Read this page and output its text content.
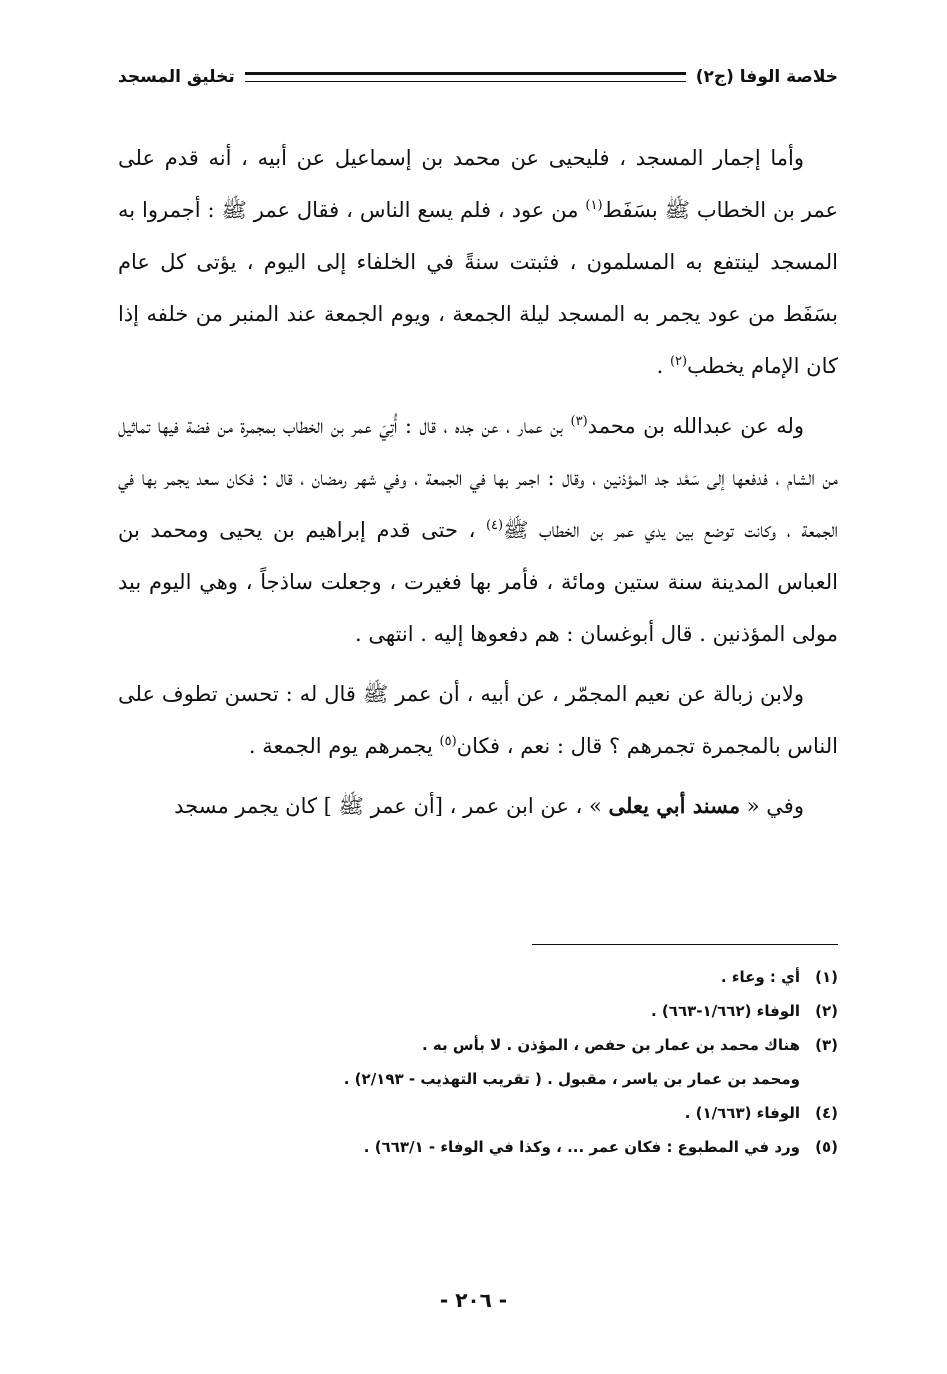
خلاصة الوفا (ج٢)
تخليق المسجد

وأما إجمار المسجد ، فليحيى عن محمد بن إسماعيل عن أبيه ، أنه قدم على عمر بن الخطاب ﷺ بسَفَط$^{(١)}$ من عود ، فلم يسع الناس ، فقال عمر ﷺ : أجمروا به المسجد لينتفع به المسلمون ، فثبتت سنةً في الخلفاء إلى اليوم ، يؤتى كل عام بسَفَط من عود يجمر به المسجد ليلة الجمعة ، ويوم الجمعة عند المنبر من خلفه إذا كان الإمام يخطب$^{(٢)}$ .

وله عن عبدالله بن محمد$^{(٣)}$ بن عمار ، عن جده ، قال : أُتِيَ عمر بن الخطاب بمجمرة من فضة فيها تماثيل من الشام ، فدفعها إلى سَعْد جد المؤذنين ، وقال : اجمر بها في الجمعة ، وفي شهر رمضان ، قال : فكان سعد يجمر بها في الجمعة ، وكانت توضع بين يدي عمر بن الخطاب ﷺ$^{(٤)}$ ، حتى قدم إبراهيم بن يحيى ومحمد بن العباس المدينة سنة ستين ومائة ، فأمر بها فغيرت ، وجعلت ساذجاً ، وهي اليوم بيد مولى المؤذنين . قال أبوغسان : هم دفعوها إليه . انتهى .

ولابن زبالة عن نعيم المجمّر ، عن أبيه ، أن عمر ﷺ قال له : تحسن تطوف على الناس بالمجمرة تجمرهم ؟ قال : نعم ، فكان$^{(٥)}$ يجمرهم يوم الجمعة .

وفي « مسند أبي يعلى » ، عن ابن عمر ، [أن عمر ﷺ ] كان يجمر مسجد

(١)
أي : وعاء .
(٢)
الوفاء (١/٦٦٢-٦٦٣) .
(٣)
هناك محمد بن عمار بن حفص ، المؤذن . لا بأس به .
ومحمد بن عمار بن ياسر ، مقبول . ( تقريب التهذيب - ٢/١٩٣) .
(٤)
الوفاء (١/٦٦٣) .
(٥)
ورد في المطبوع : فكان عمر ... ، وكذا في الوفاء - ٦٦٣/١) .
- ٢٠٦ -
